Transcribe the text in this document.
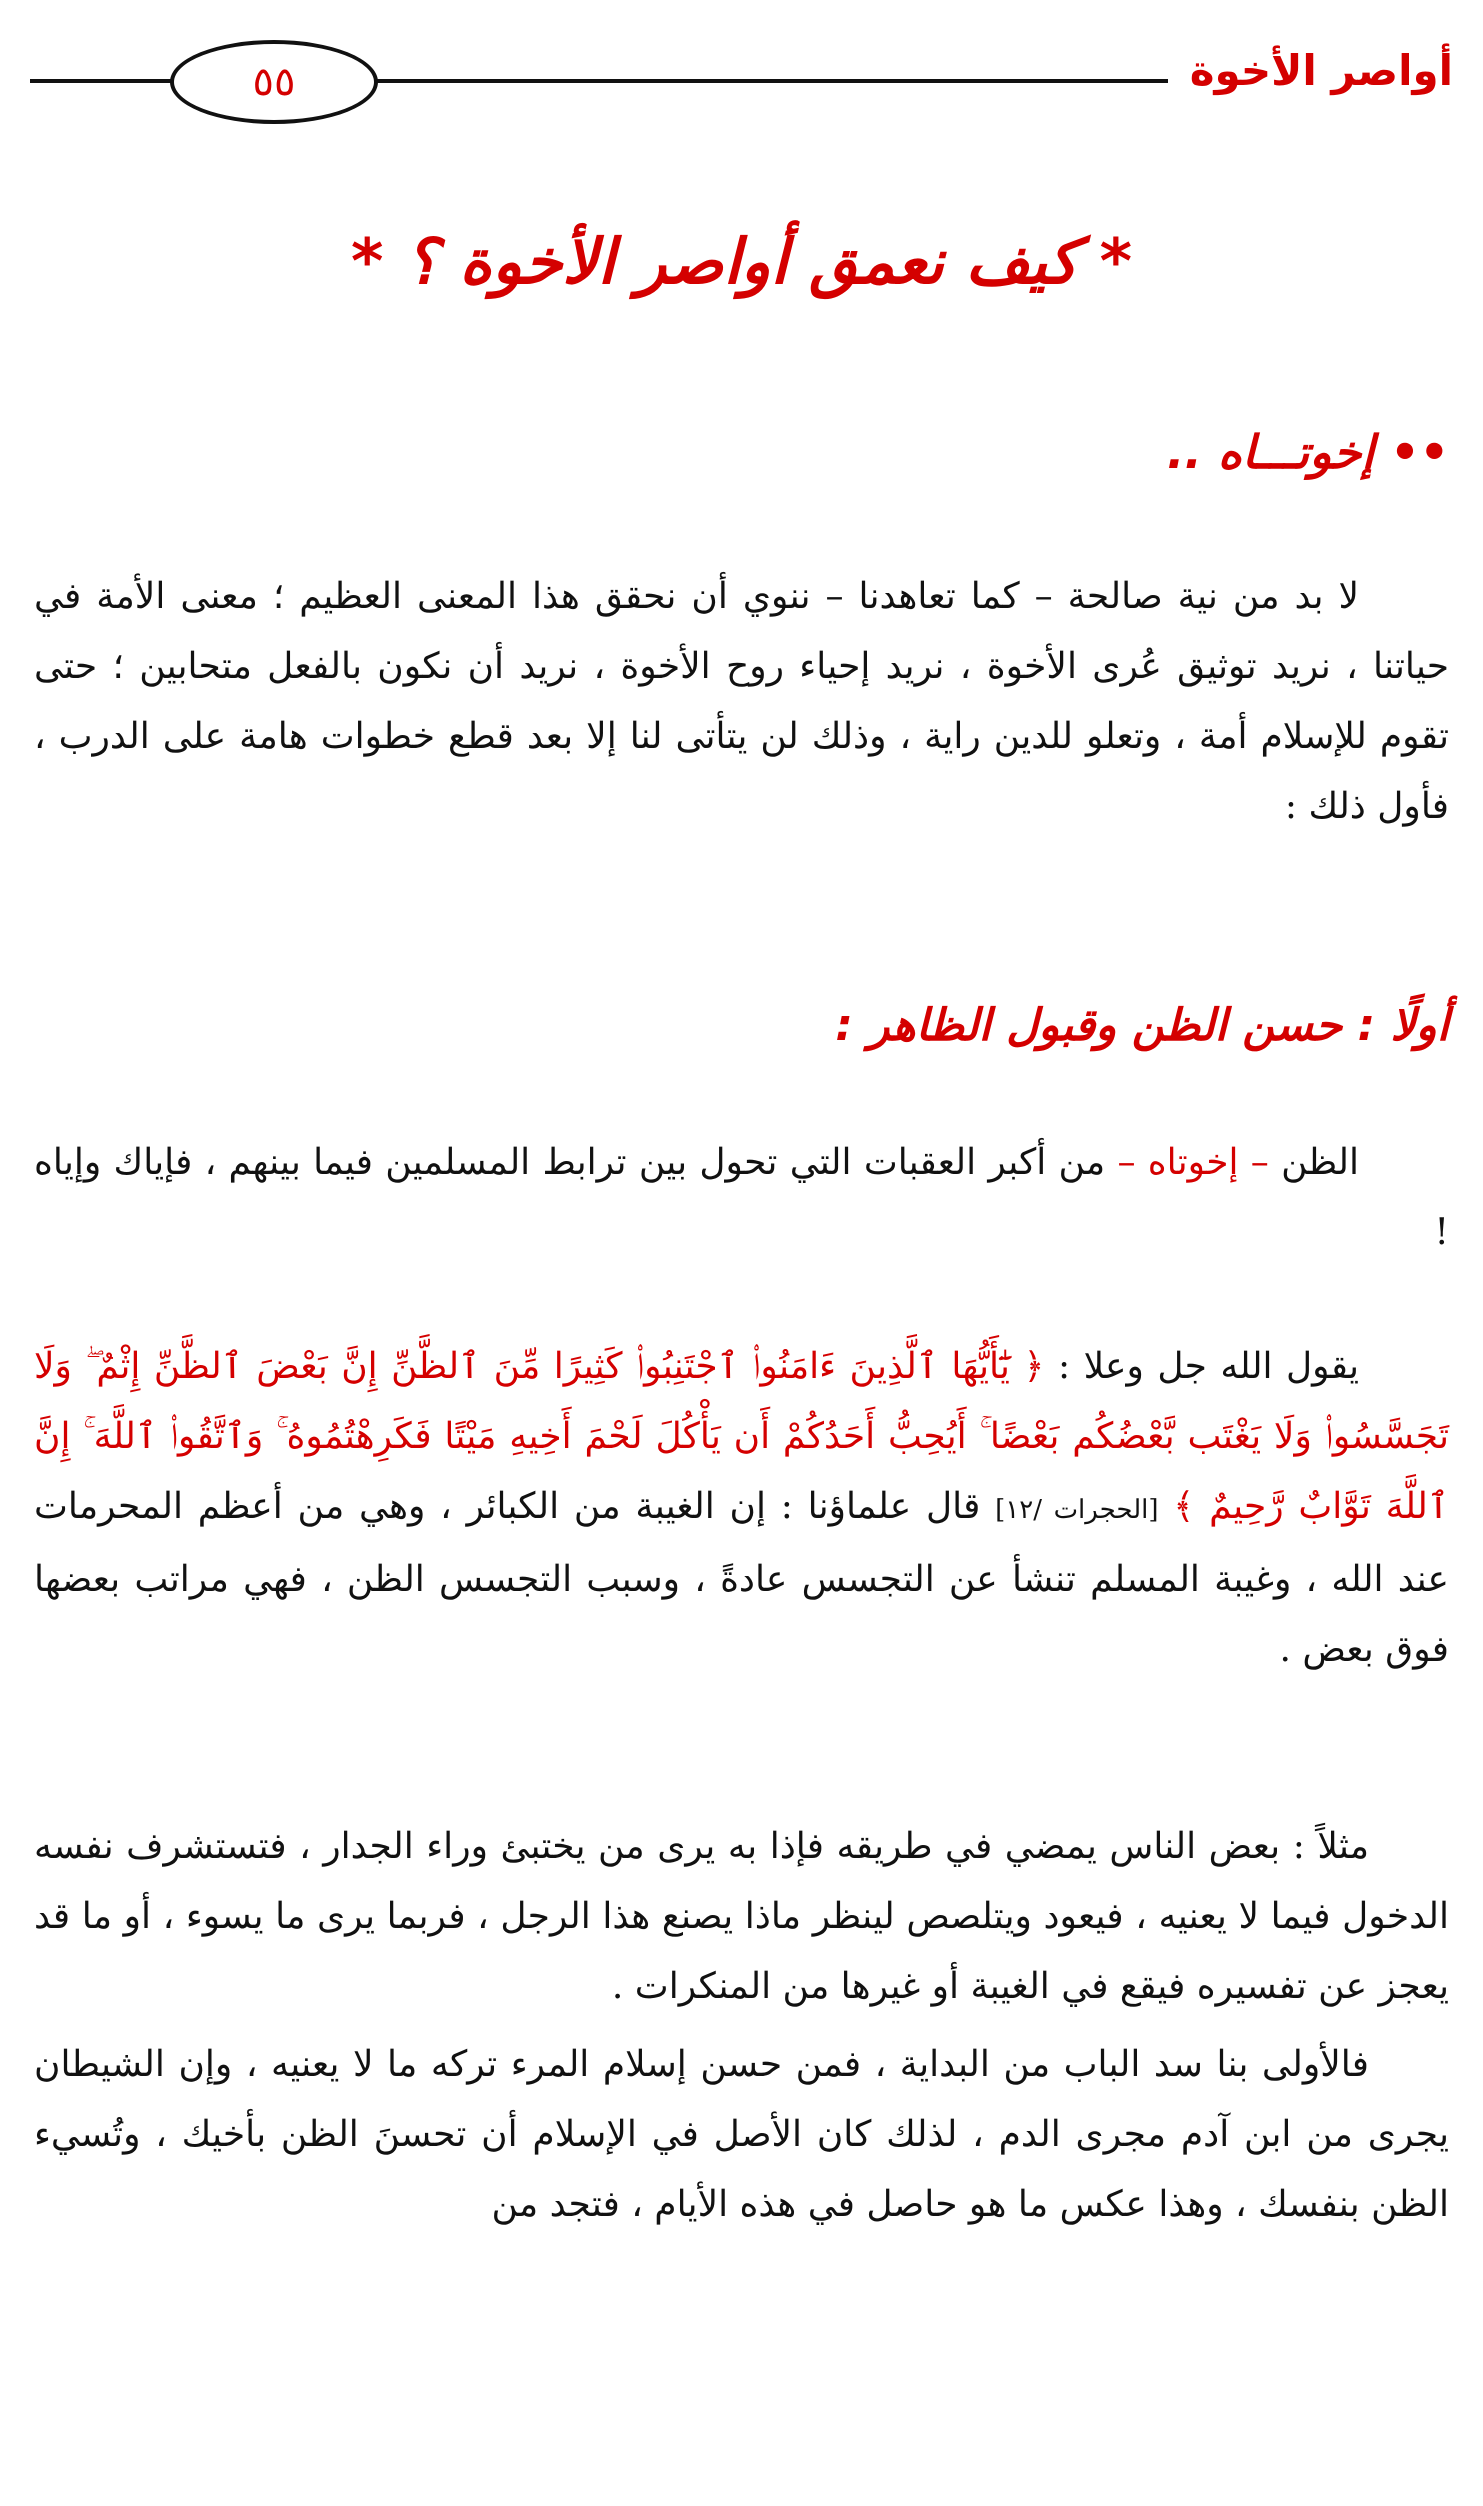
أواصر الأخوة
٥٥
* كيف نعمق أواصر الأخوة ؟ *
•• إخوتـــاه ..
لا بد من نية صالحة – كما تعاهدنا – ننوي أن نحقق هذا المعنى العظيم ؛ معنى الأمة في حياتنا ، نريد توثيق عُرى الأخوة ، نريد إحياء روح الأخوة ، نريد أن نكون بالفعل متحابين ؛ حتى تقوم للإسلام أمة ، وتعلو للدين راية ، وذلك لن يتأتى لنا إلا بعد قطع خطوات هامة على الدرب ، فأول ذلك :
أولًا : حسن الظن وقبول الظاهر :
الظن – إخوتاه – من أكبر العقبات التي تحول بين ترابط المسلمين فيما بينهم ، فإياك وإياه !
يقول الله جل وعلا : ﴿ يَٰٓأَيُّهَا ٱلَّذِينَ ءَامَنُوا۟ ٱجْتَنِبُوا۟ كَثِيرًا مِّنَ ٱلظَّنِّ إِنَّ بَعْضَ ٱلظَّنِّ إِثْمٌ ۖ وَلَا تَجَسَّسُوا۟ وَلَا يَغْتَب بَّعْضُكُم بَعْضًا ۚ أَيُحِبُّ أَحَدُكُمْ أَن يَأْكُلَ لَحْمَ أَخِيهِ مَيْتًا فَكَرِهْتُمُوهُ ۚ وَٱتَّقُوا۟ ٱللَّهَ ۚ إِنَّ ٱللَّهَ تَوَّابٌ رَّحِيمٌ ﴾ [الحجرات /١٢] قال علماؤنا : إن الغيبة من الكبائر ، وهي من أعظم المحرمات عند الله ، وغيبة المسلم تنشأ عن التجسس عادةً ، وسبب التجسس الظن ، فهي مراتب بعضها فوق بعض .
مثلاً : بعض الناس يمضي في طريقه فإذا به يرى من يختبئ وراء الجدار ، فتستشرف نفسه الدخول فيما لا يعنيه ، فيعود ويتلصص لينظر ماذا يصنع هذا الرجل ، فربما يرى ما يسوء ، أو ما قد يعجز عن تفسيره فيقع في الغيبة أو غيرها من المنكرات .
فالأولى بنا سد الباب من البداية ، فمن حسن إسلام المرء تركه ما لا يعنيه ، وإن الشيطان يجرى من ابن آدم مجرى الدم ، لذلك كان الأصل في الإسلام أن تحسنَ الظن بأخيك ، وتُسيء الظن بنفسك ، وهذا عكس ما هو حاصل في هذه الأيام ، فتجد من
